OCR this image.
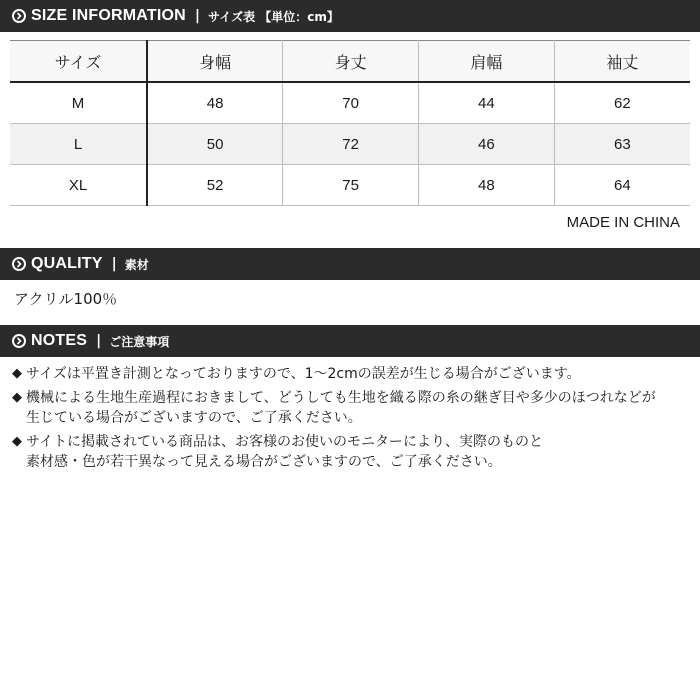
SIZE INFORMATION | サイズ表 【単位：cm】
サイズ	身幅	身丈	肩幅	袖丈
M	48	70	44	62
L	50	72	46	63
XL	52	75	48	64
MADE IN CHINA
QUALITY | 素材
アクリル100％
NOTES | ご注意事項
◆ サイズは平置き計測となっておりますので、1～2cmの誤差が生じる場合がございます。
◆ 機械による生地生産過程におきまして、どうしても生地を織る際の糸の継ぎ目や多少のほつれなどが
生じている場合がございますので、ご了承ください。
◆ サイトに掲載されている商品は、お客様のお使いのモニターにより、実際のものと
素材感・色が若干異なって見える場合がございますので、ご了承ください。
